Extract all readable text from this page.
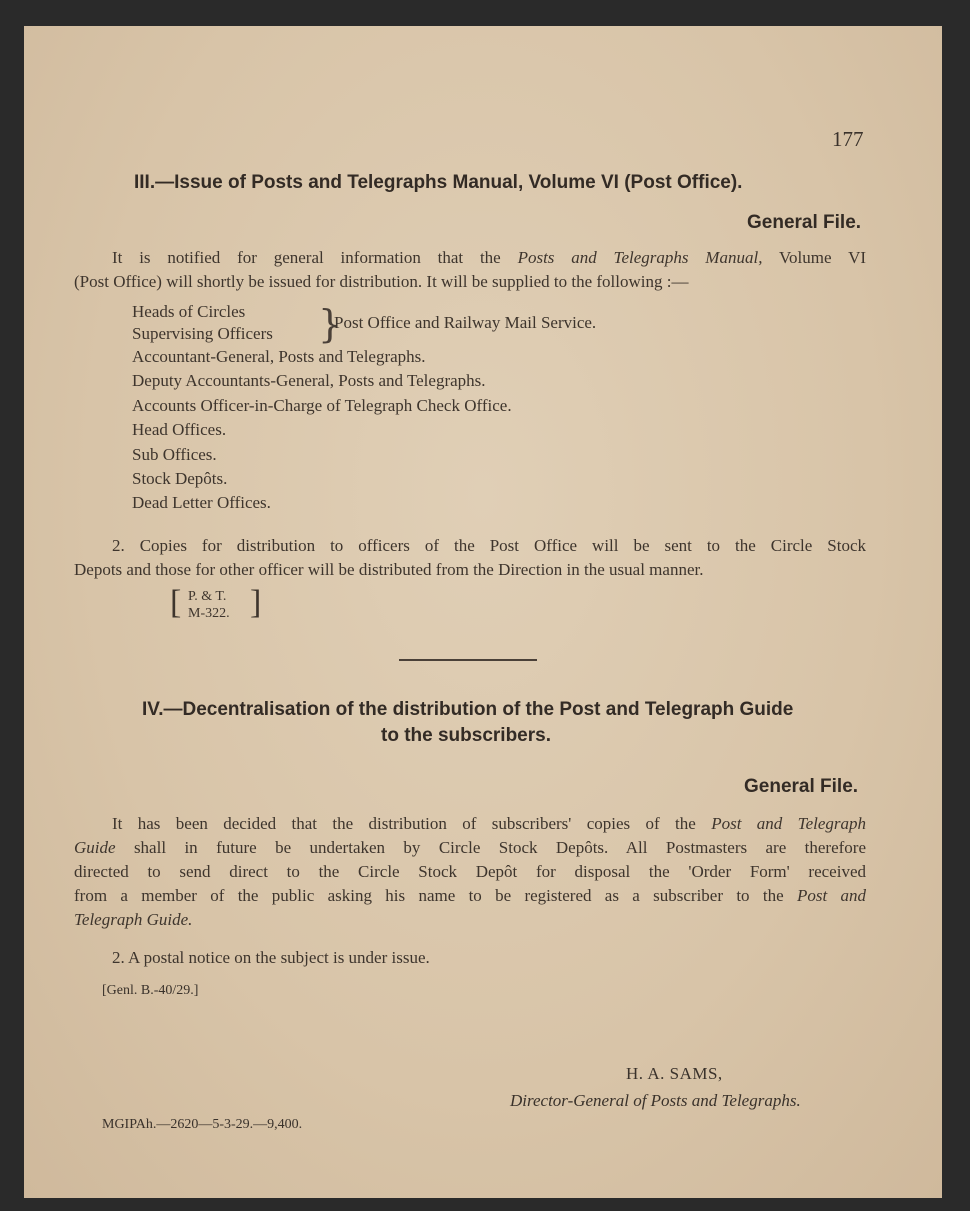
177
III.—Issue of Posts and Telegraphs Manual, Volume VI (Post Office).
General File.
It is notified for general information that the Posts and Telegraphs Manual, Volume VI
(Post Office) will shortly be issued for distribution. It will be supplied to the following :—
Heads of Circles
Supervising Officers }
Post Office and Railway Mail Service.
Accountant-General, Posts and Telegraphs.
Deputy Accountants-General, Posts and Telegraphs.
Accounts Officer-in-Charge of Telegraph Check Office.
Head Offices.
Sub Offices.
Stock Depôts.
Dead Letter Offices.
2. Copies for distribution to officers of the Post Office will be sent to the Circle Stock
Depots and those for other officer will be distributed from the Direction in the usual manner.
[ P. & T.
M-322. ]
IV.—Decentralisation of the distribution of the Post and Telegraph Guide
to the subscribers.
General File.
It has been decided that the distribution of subscribers' copies of the Post and Telegraph
Guide shall in future be undertaken by Circle Stock Depôts. All Postmasters are therefore
directed to send direct to the Circle Stock Depôt for disposal the 'Order Form' received
from a member of the public asking his name to be registered as a subscriber to the Post and
Telegraph Guide.
2. A postal notice on the subject is under issue.
[Genl. B.-40/29.]
H. A. SAMS,
Director-General of Posts and Telegraphs.
MGIPAh.—2620—5-3-29.—9,400.
